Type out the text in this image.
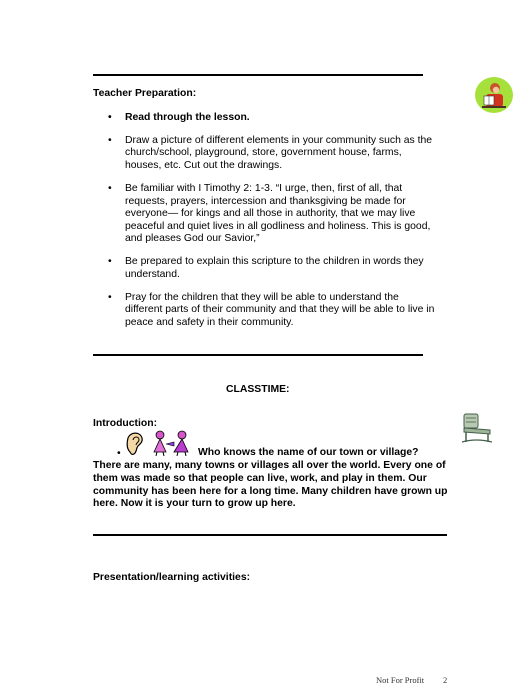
Teacher Preparation:
• Read through the lesson.
• Draw a picture of different elements in your community such as the church/school, playground, store, government house, farms, houses, etc. Cut out the drawings.
• Be familiar with I Timothy 2: 1-3. “I urge, then, first of all, that requests, prayers, intercession and thanksgiving be made for everyone— for kings and all those in authority, that we may live peaceful and quiet lives in all godliness and holiness. This is good, and pleases God our Savior,”
• Be prepared to explain this scripture to the children in words they understand.
• Pray for the children that they will be able to understand the different parts of their community and that they will be able to live in peace and safety in their community.
CLASSTIME:
Introduction:
•	Who knows the name of our town or village?
There are many, many towns or villages all over the world. Every one of them was made so that people can live, work, and play in them. Our community has been here for a long time. Many children have grown up here. Now it is your turn to grow up here.
Presentation/learning activities:
Not For Profit 2
